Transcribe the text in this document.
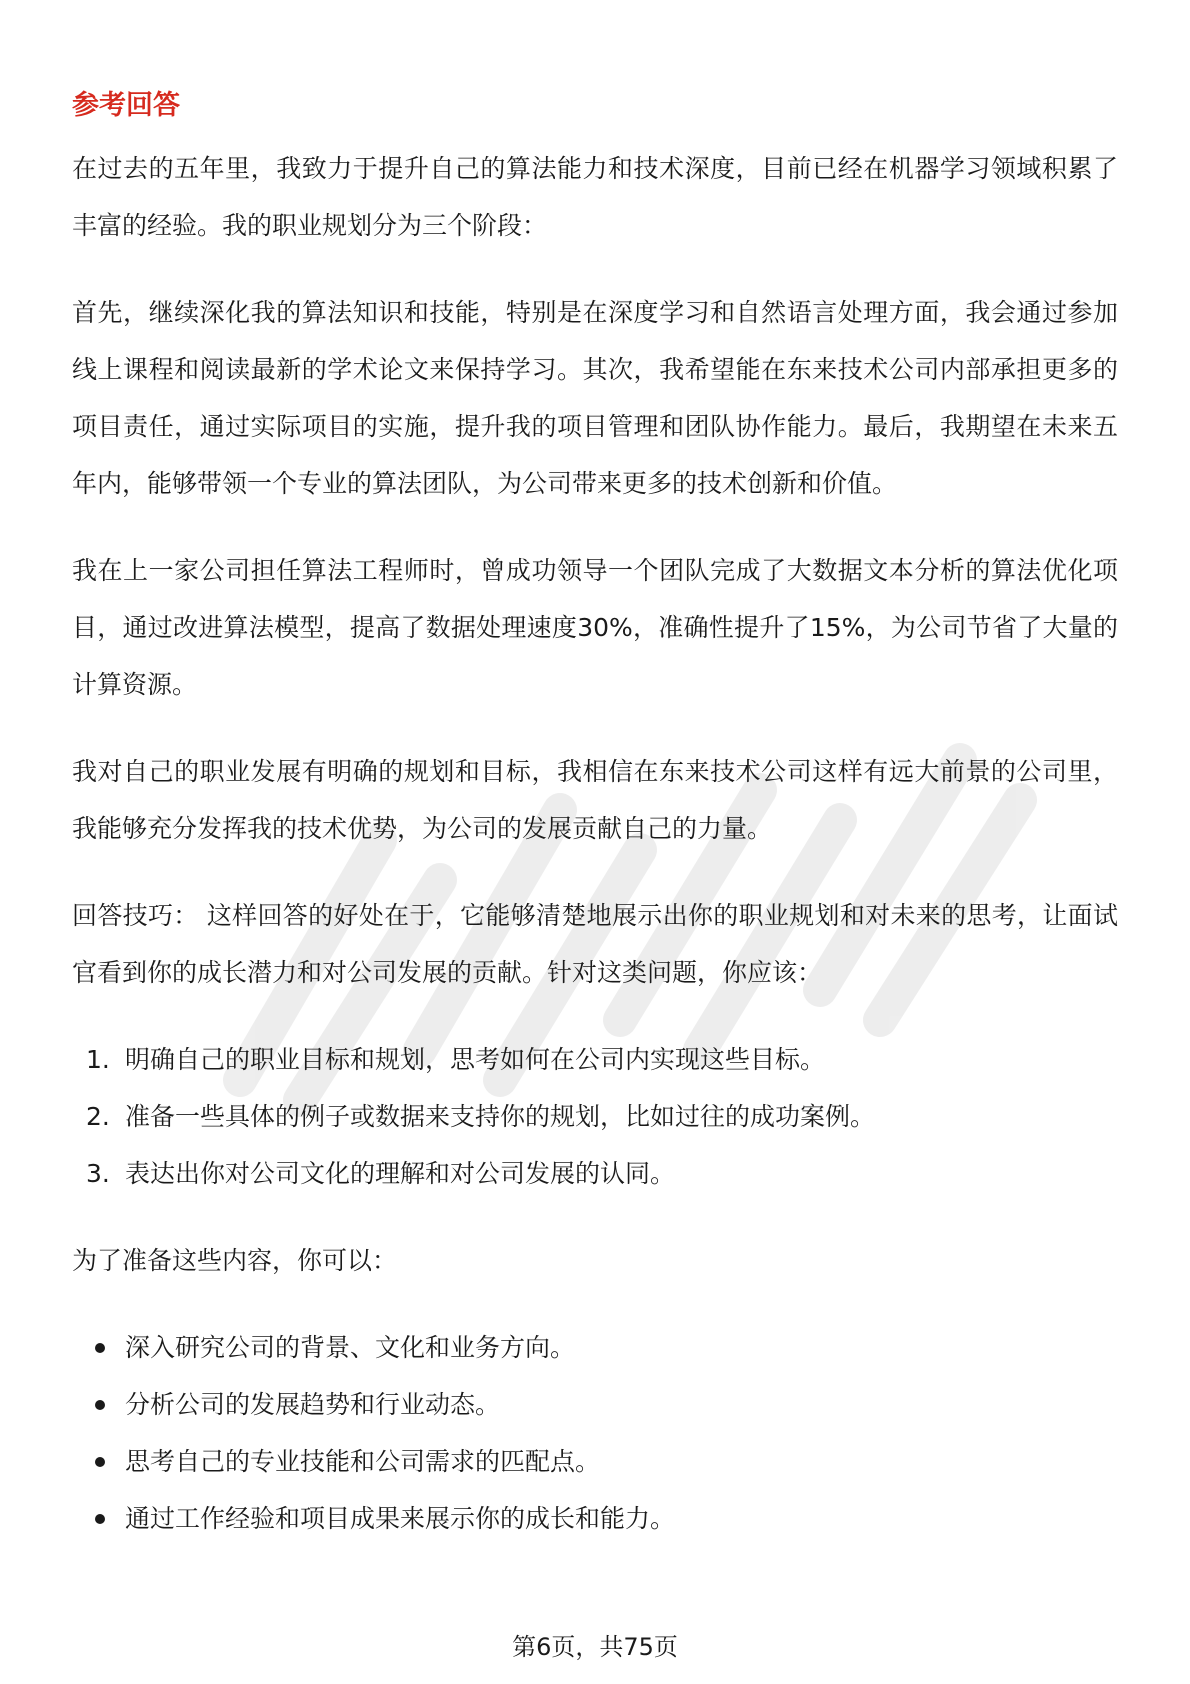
参考回答

在过去的五年里，我致力于提升自己的算法能力和技术深度，目前已经在机器学习领域积累了丰富的经验。我的职业规划分为三个阶段：

首先，继续深化我的算法知识和技能，特别是在深度学习和自然语言处理方面，我会通过参加线上课程和阅读最新的学术论文来保持学习。其次，我希望能在东来技术公司内部承担更多的项目责任，通过实际项目的实施，提升我的项目管理和团队协作能力。最后，我期望在未来五年内，能够带领一个专业的算法团队，为公司带来更多的技术创新和价值。

我在上一家公司担任算法工程师时，曾成功领导一个团队完成了大数据文本分析的算法优化项目，通过改进算法模型，提高了数据处理速度30%，准确性提升了15%，为公司节省了大量的计算资源。

我对自己的职业发展有明确的规划和目标，我相信在东来技术公司这样有远大前景的公司里，我能够充分发挥我的技术优势，为公司的发展贡献自己的力量。

回答技巧： 这样回答的好处在于，它能够清楚地展示出你的职业规划和对未来的思考，让面试官看到你的成长潜力和对公司发展的贡献。针对这类问题，你应该：

1. 明确自己的职业目标和规划，思考如何在公司内实现这些目标。
2. 准备一些具体的例子或数据来支持你的规划，比如过往的成功案例。
3. 表达出你对公司文化的理解和对公司发展的认同。

为了准备这些内容，你可以：

深入研究公司的背景、文化和业务方向。
分析公司的发展趋势和行业动态。
思考自己的专业技能和公司需求的匹配点。
通过工作经验和项目成果来展示你的成长和能力。
第6页，共75页
